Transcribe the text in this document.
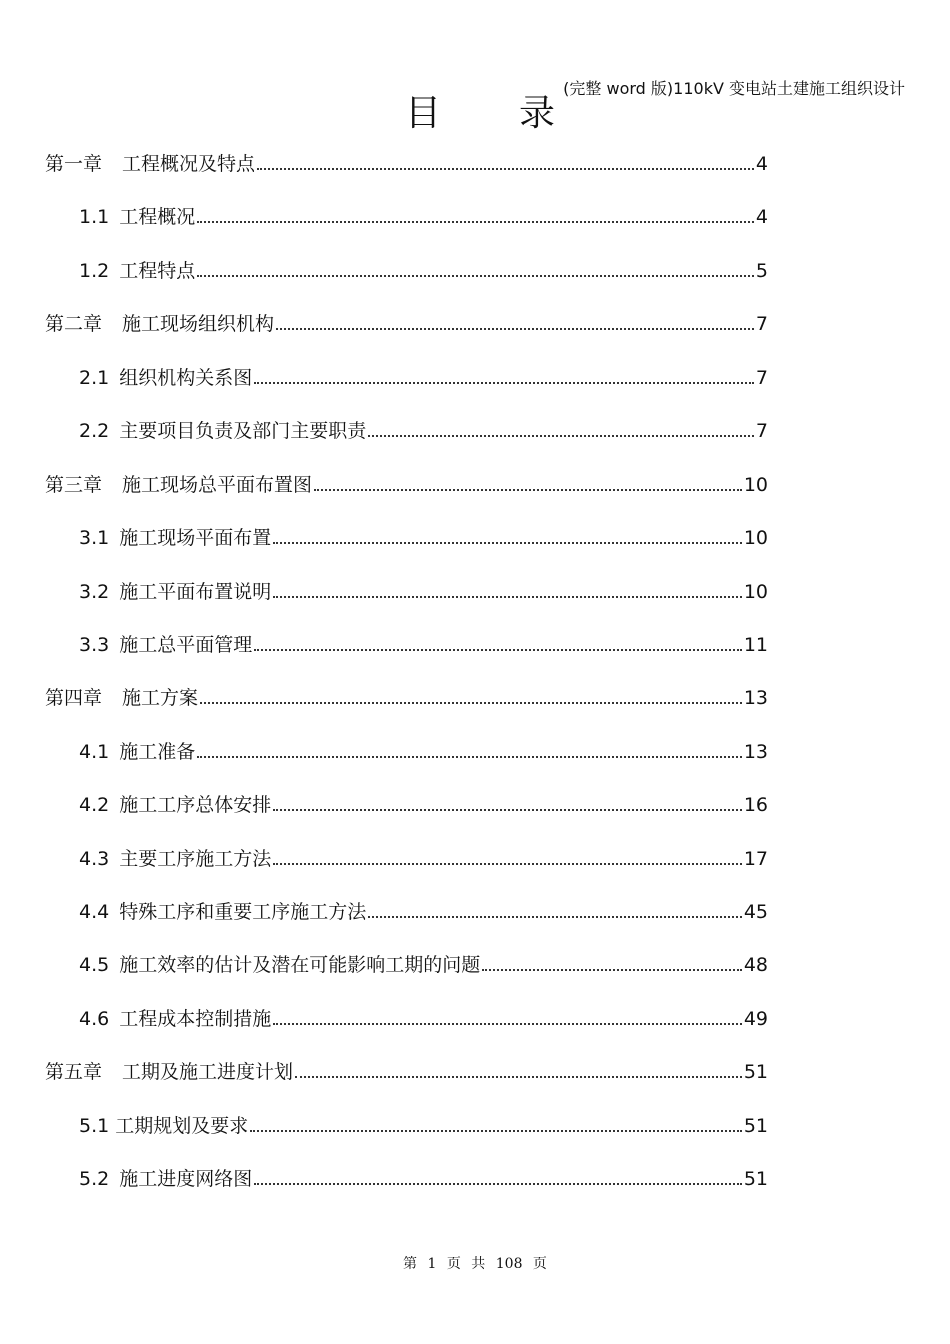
(完整 word 版)110kV 变电站土建施工组织设计
目 录
第一章 工程概况及特点	4
1.1 工程概况	4
1.2 工程特点	5
第二章 施工现场组织机构	7
2.1 组织机构关系图	7
2.2 主要项目负责及部门主要职责	7
第三章 施工现场总平面布置图	10
3.1 施工现场平面布置	10
3.2 施工平面布置说明	10
3.3 施工总平面管理	11
第四章 施工方案	13
4.1 施工准备	13
4.2 施工工序总体安排	16
4.3 主要工序施工方法	17
4.4 特殊工序和重要工序施工方法	45
4.5 施工效率的估计及潜在可能影响工期的问题	48
4.6 工程成本控制措施	49
第五章 工期及施工进度计划	51
5.1 工期规划及要求	51
5.2 施工进度网络图	51
第 1 页 共 108 页
